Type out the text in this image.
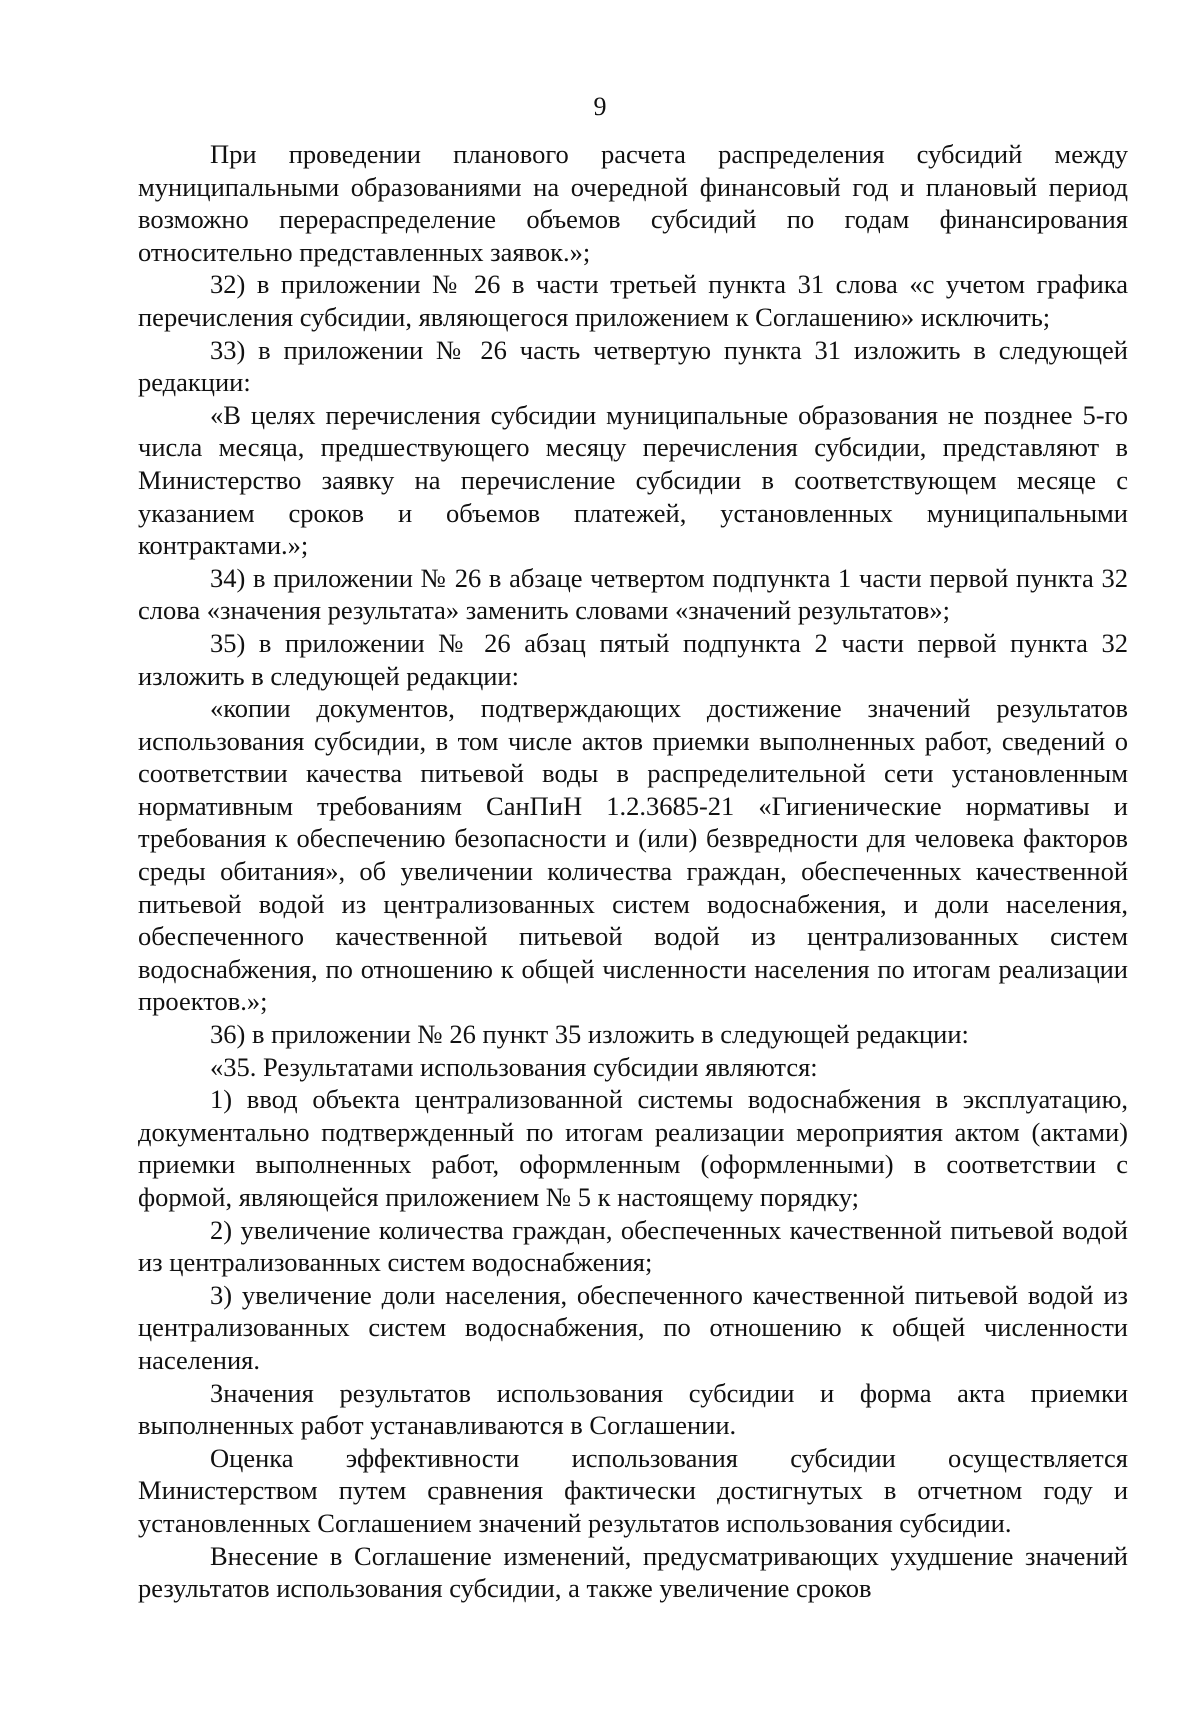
9

При проведении планового расчета распределения субсидий между муниципальными образованиями на очередной финансовый год и плановый период возможно перераспределение объемов субсидий по годам финансирования относительно представленных заявок.»;

32) в приложении № 26 в части третьей пункта 31 слова «с учетом графика перечисления субсидии, являющегося приложением к Соглашению» исключить;

33) в приложении № 26 часть четвертую пункта 31 изложить в следующей редакции:

«В целях перечисления субсидии муниципальные образования не позднее 5-го числа месяца, предшествующего месяцу перечисления субсидии, представляют в Министерство заявку на перечисление субсидии в соответствующем месяце с указанием сроков и объемов платежей, установленных муниципальными контрактами.»;

34) в приложении № 26 в абзаце четвертом подпункта 1 части первой пункта 32 слова «значения результата» заменить словами «значений результатов»;

35) в приложении № 26 абзац пятый подпункта 2 части первой пункта 32 изложить в следующей редакции:

«копии документов, подтверждающих достижение значений результатов использования субсидии, в том числе актов приемки выполненных работ, сведений о соответствии качества питьевой воды в распределительной сети установленным нормативным требованиям СанПиН 1.2.3685-21 «Гигиенические нормативы и требования к обеспечению безопасности и (или) безвредности для человека факторов среды обитания», об увеличении количества граждан, обеспеченных качественной питьевой водой из централизованных систем водоснабжения, и доли населения, обеспеченного качественной питьевой водой из централизованных систем водоснабжения, по отношению к общей численности населения по итогам реализации проектов.»;

36) в приложении № 26 пункт 35 изложить в следующей редакции:

«35. Результатами использования субсидии являются:

1) ввод объекта централизованной системы водоснабжения в эксплуатацию, документально подтвержденный по итогам реализации мероприятия актом (актами) приемки выполненных работ, оформленным (оформленными) в соответствии с формой, являющейся приложением № 5 к настоящему порядку;

2) увеличение количества граждан, обеспеченных качественной питьевой водой из централизованных систем водоснабжения;

3) увеличение доли населения, обеспеченного качественной питьевой водой из централизованных систем водоснабжения, по отношению к общей численности населения.

Значения результатов использования субсидии и форма акта приемки выполненных работ устанавливаются в Соглашении.

Оценка эффективности использования субсидии осуществляется Министерством путем сравнения фактически достигнутых в отчетном году и установленных Соглашением значений результатов использования субсидии.

Внесение в Соглашение изменений, предусматривающих ухудшение значений результатов использования субсидии, а также увеличение сроков
